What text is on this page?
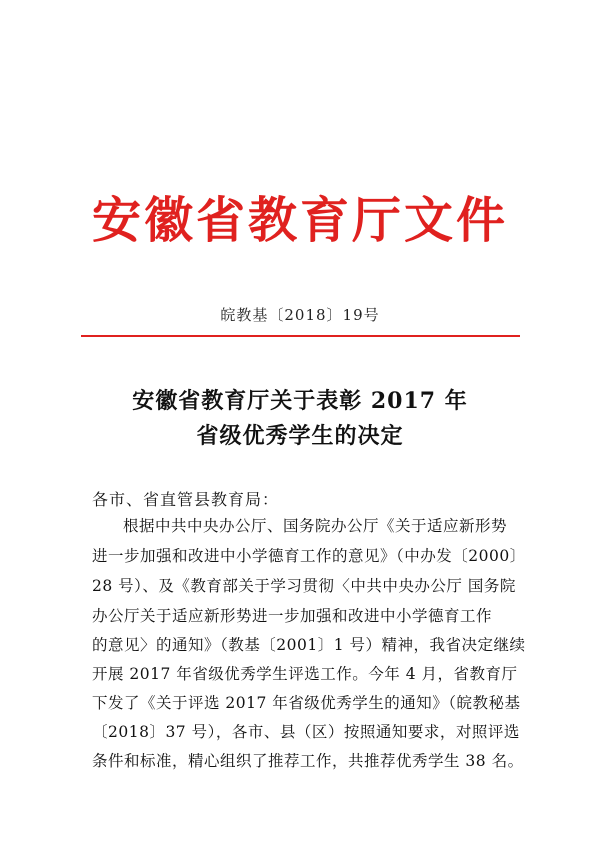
安徽省教育厅文件
皖教基〔2018〕19号
安徽省教育厅关于表彰 2017 年
省级优秀学生的决定
各市、省直管县教育局：
根据中共中央办公厅、国务院办公厅《关于适应新形势
进一步加强和改进中小学德育工作的意见》（中办发〔2000〕
28 号）、及《教育部关于学习贯彻〈中共中央办公厅 国务院
办公厅关于适应新形势进一步加强和改进中小学德育工作
的意见〉的通知》（教基〔2001〕1 号）精神，我省决定继续
开展 2017 年省级优秀学生评选工作。今年 4 月，省教育厅
下发了《关于评选 2017 年省级优秀学生的通知》（皖教秘基
〔2018〕37 号），各市、县（区）按照通知要求，对照评选
条件和标准，精心组织了推荐工作，共推荐优秀学生 38 名。
